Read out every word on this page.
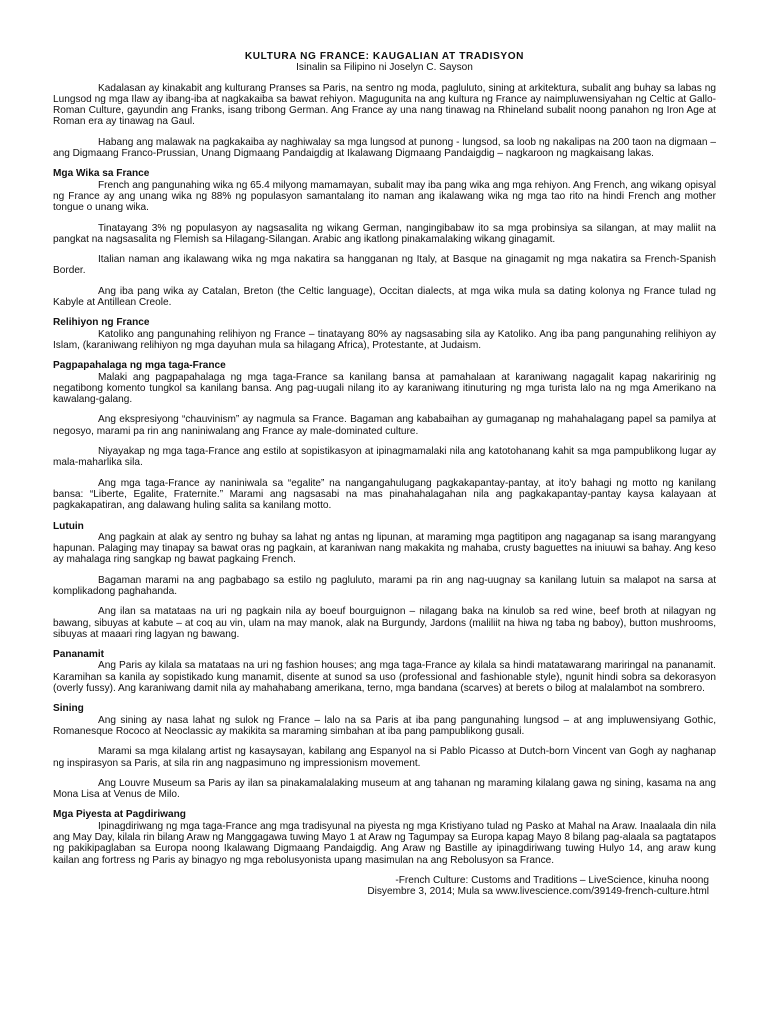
KULTURA NG FRANCE: KAUGALIAN AT TRADISYON
Isinalin sa Filipino ni Joselyn C. Sayson

Kadalasan ay kinakabit ang kulturang Pranses sa Paris, na sentro ng moda, pagluluto, sining at arkitektura, subalit ang buhay sa labas ng Lungsod ng mga Ilaw ay ibang-iba at nagkakaiba sa bawat rehiyon. Magugunita na ang kultura ng France ay naimpluwensiyahan ng Celtic at Gallo-Roman Culture, gayundin ang Franks, isang tribong German. Ang France ay una nang tinawag na Rhineland subalit noong panahon ng Iron Age at Roman era ay tinawag na Gaul.

Habang ang malawak na pagkakaiba ay naghiwalay sa mga lungsod at punong - lungsod, sa loob ng nakalipas na 200 taon na digmaan – ang Digmaang Franco-Prussian, Unang Digmaang Pandaigdig at Ikalawang Digmaang Pandaigdig – nagkaroon ng magkaisang lakas.

Mga Wika sa France

French ang pangunahing wika ng 65.4 milyong mamamayan, subalit may iba pang wika ang mga rehiyon. Ang French, ang wikang opisyal ng France ay ang unang wika ng 88% ng populasyon samantalang ito naman ang ikalawang wika ng mga tao rito na hindi French ang mother tongue o unang wika.

Tinatayang 3% ng populasyon ay nagsasalita ng wikang German, nangingibabaw ito sa mga probinsiya sa silangan, at may maliit na pangkat na nagsasalita ng Flemish sa Hilagang-Silangan. Arabic ang ikatlong pinakamalaking wikang ginagamit.

Italian naman ang ikalawang wika ng mga nakatira sa hangganan ng Italy, at Basque na ginagamit ng mga nakatira sa French-Spanish Border.

Ang iba pang wika ay Catalan, Breton (the Celtic language), Occitan dialects, at mga wika mula sa dating kolonya ng France tulad ng Kabyle at Antillean Creole.

Relihiyon ng France

Katoliko ang pangunahing relihiyon ng France – tinatayang 80% ay nagsasabing sila ay Katoliko. Ang iba pang pangunahing relihiyon ay Islam, (karaniwang relihiyon ng mga dayuhan mula sa hilagang Africa), Protestante, at Judaism.

Pagpapahalaga ng mga taga-France

Malaki ang pagpapahalaga ng mga taga-France sa kanilang bansa at pamahalaan at karaniwang nagagalit kapag nakaririnig ng negatibong komento tungkol sa kanilang bansa. Ang pag-uugali nilang ito ay karaniwang itinuturing ng mga turista lalo na ng mga Amerikano na kawalang-galang.

Ang ekspresiyong “chauvinism” ay nagmula sa France. Bagaman ang kababaihan ay gumaganap ng mahahalagang papel sa pamilya at negosyo, marami pa rin ang naniniwalang ang France ay male-dominated culture.

Niyayakap ng mga taga-France ang estilo at sopistikasyon at ipinagmamalaki nila ang katotohanang kahit sa mga pampublikong lugar ay mala-maharlika sila.

Ang mga taga-France ay naniniwala sa “egalite” na nangangahulugang pagkakapantay-pantay, at ito'y bahagi ng motto ng kanilang bansa: “Liberte, Egalite, Fraternite.” Marami ang nagsasabi na mas pinahahalagahan nila ang pagkakapantay-pantay kaysa kalayaan at pagkakapatiran, ang dalawang huling salita sa kanilang motto.

Lutuin

Ang pagkain at alak ay sentro ng buhay sa lahat ng antas ng lipunan, at maraming mga pagtitipon ang nagaganap sa isang marangyang hapunan. Palaging may tinapay sa bawat oras ng pagkain, at karaniwan nang makakita ng mahaba, crusty baguettes na iniuuwi sa bahay. Ang keso ay mahalaga ring sangkap ng bawat pagkaing French.

Bagaman marami na ang pagbabago sa estilo ng pagluluto, marami pa rin ang nag-uugnay sa kanilang lutuin sa malapot na sarsa at komplikadong paghahanda.

Ang ilan sa matataas na uri ng pagkain nila ay boeuf bourguignon – nilagang baka na kinulob sa red wine, beef broth at nilagyan ng bawang, sibuyas at kabute – at coq au vin, ulam na may manok, alak na Burgundy, Jardons (maliliit na hiwa ng taba ng baboy), button mushrooms, sibuyas at maaari ring lagyan ng bawang.

Pananamit

Ang Paris ay kilala sa matataas na uri ng fashion houses; ang mga taga-France ay kilala sa hindi matatawarang mariringal na pananamit. Karamihan sa kanila ay sopistikado kung manamit, disente at sunod sa uso (professional and fashionable style), ngunit hindi sobra sa dekorasyon (overly fussy). Ang karaniwang damit nila ay mahahabang amerikana, terno, mga bandana (scarves) at berets o bilog at malalambot na sombrero.

Sining

Ang sining ay nasa lahat ng sulok ng France – lalo na sa Paris at iba pang pangunahing lungsod – at ang impluwensiyang Gothic, Romanesque Rococo at Neoclassic ay makikita sa maraming simbahan at iba pang pampublikong gusali.

Marami sa mga kilalang artist ng kasaysayan, kabilang ang Espanyol na si Pablo Picasso at Dutch-born Vincent van Gogh ay naghanap ng inspirasyon sa Paris, at sila rin ang nagpasimuno ng impressionism movement.

Ang Louvre Museum sa Paris ay ilan sa pinakamalalaking museum at ang tahanan ng maraming kilalang gawa ng sining, kasama na ang Mona Lisa at Venus de Milo.

Mga Piyesta at Pagdiriwang

Ipinagdiriwang ng mga taga-France ang mga tradisyunal na piyesta ng mga Kristiyano tulad ng Pasko at Mahal na Araw. Inaalaala din nila ang May Day, kilala rin bilang Araw ng Manggagawa tuwing Mayo 1 at Araw ng Tagumpay sa Europa kapag Mayo 8 bilang pag-alaala sa pagtatapos ng pakikipaglaban sa Europa noong Ikalawang Digmaang Pandaigdig. Ang Araw ng Bastille ay ipinagdiriwang tuwing Hulyo 14, ang araw kung kailan ang fortress ng Paris ay binagyo ng mga rebolusyonista upang masimulan na ang Rebolusyon sa France.

-French Culture: Customs and Traditions – LiveScience, kinuha noong
Disyembre 3, 2014; Mula sa www.livescience.com/39149-french-culture.html
